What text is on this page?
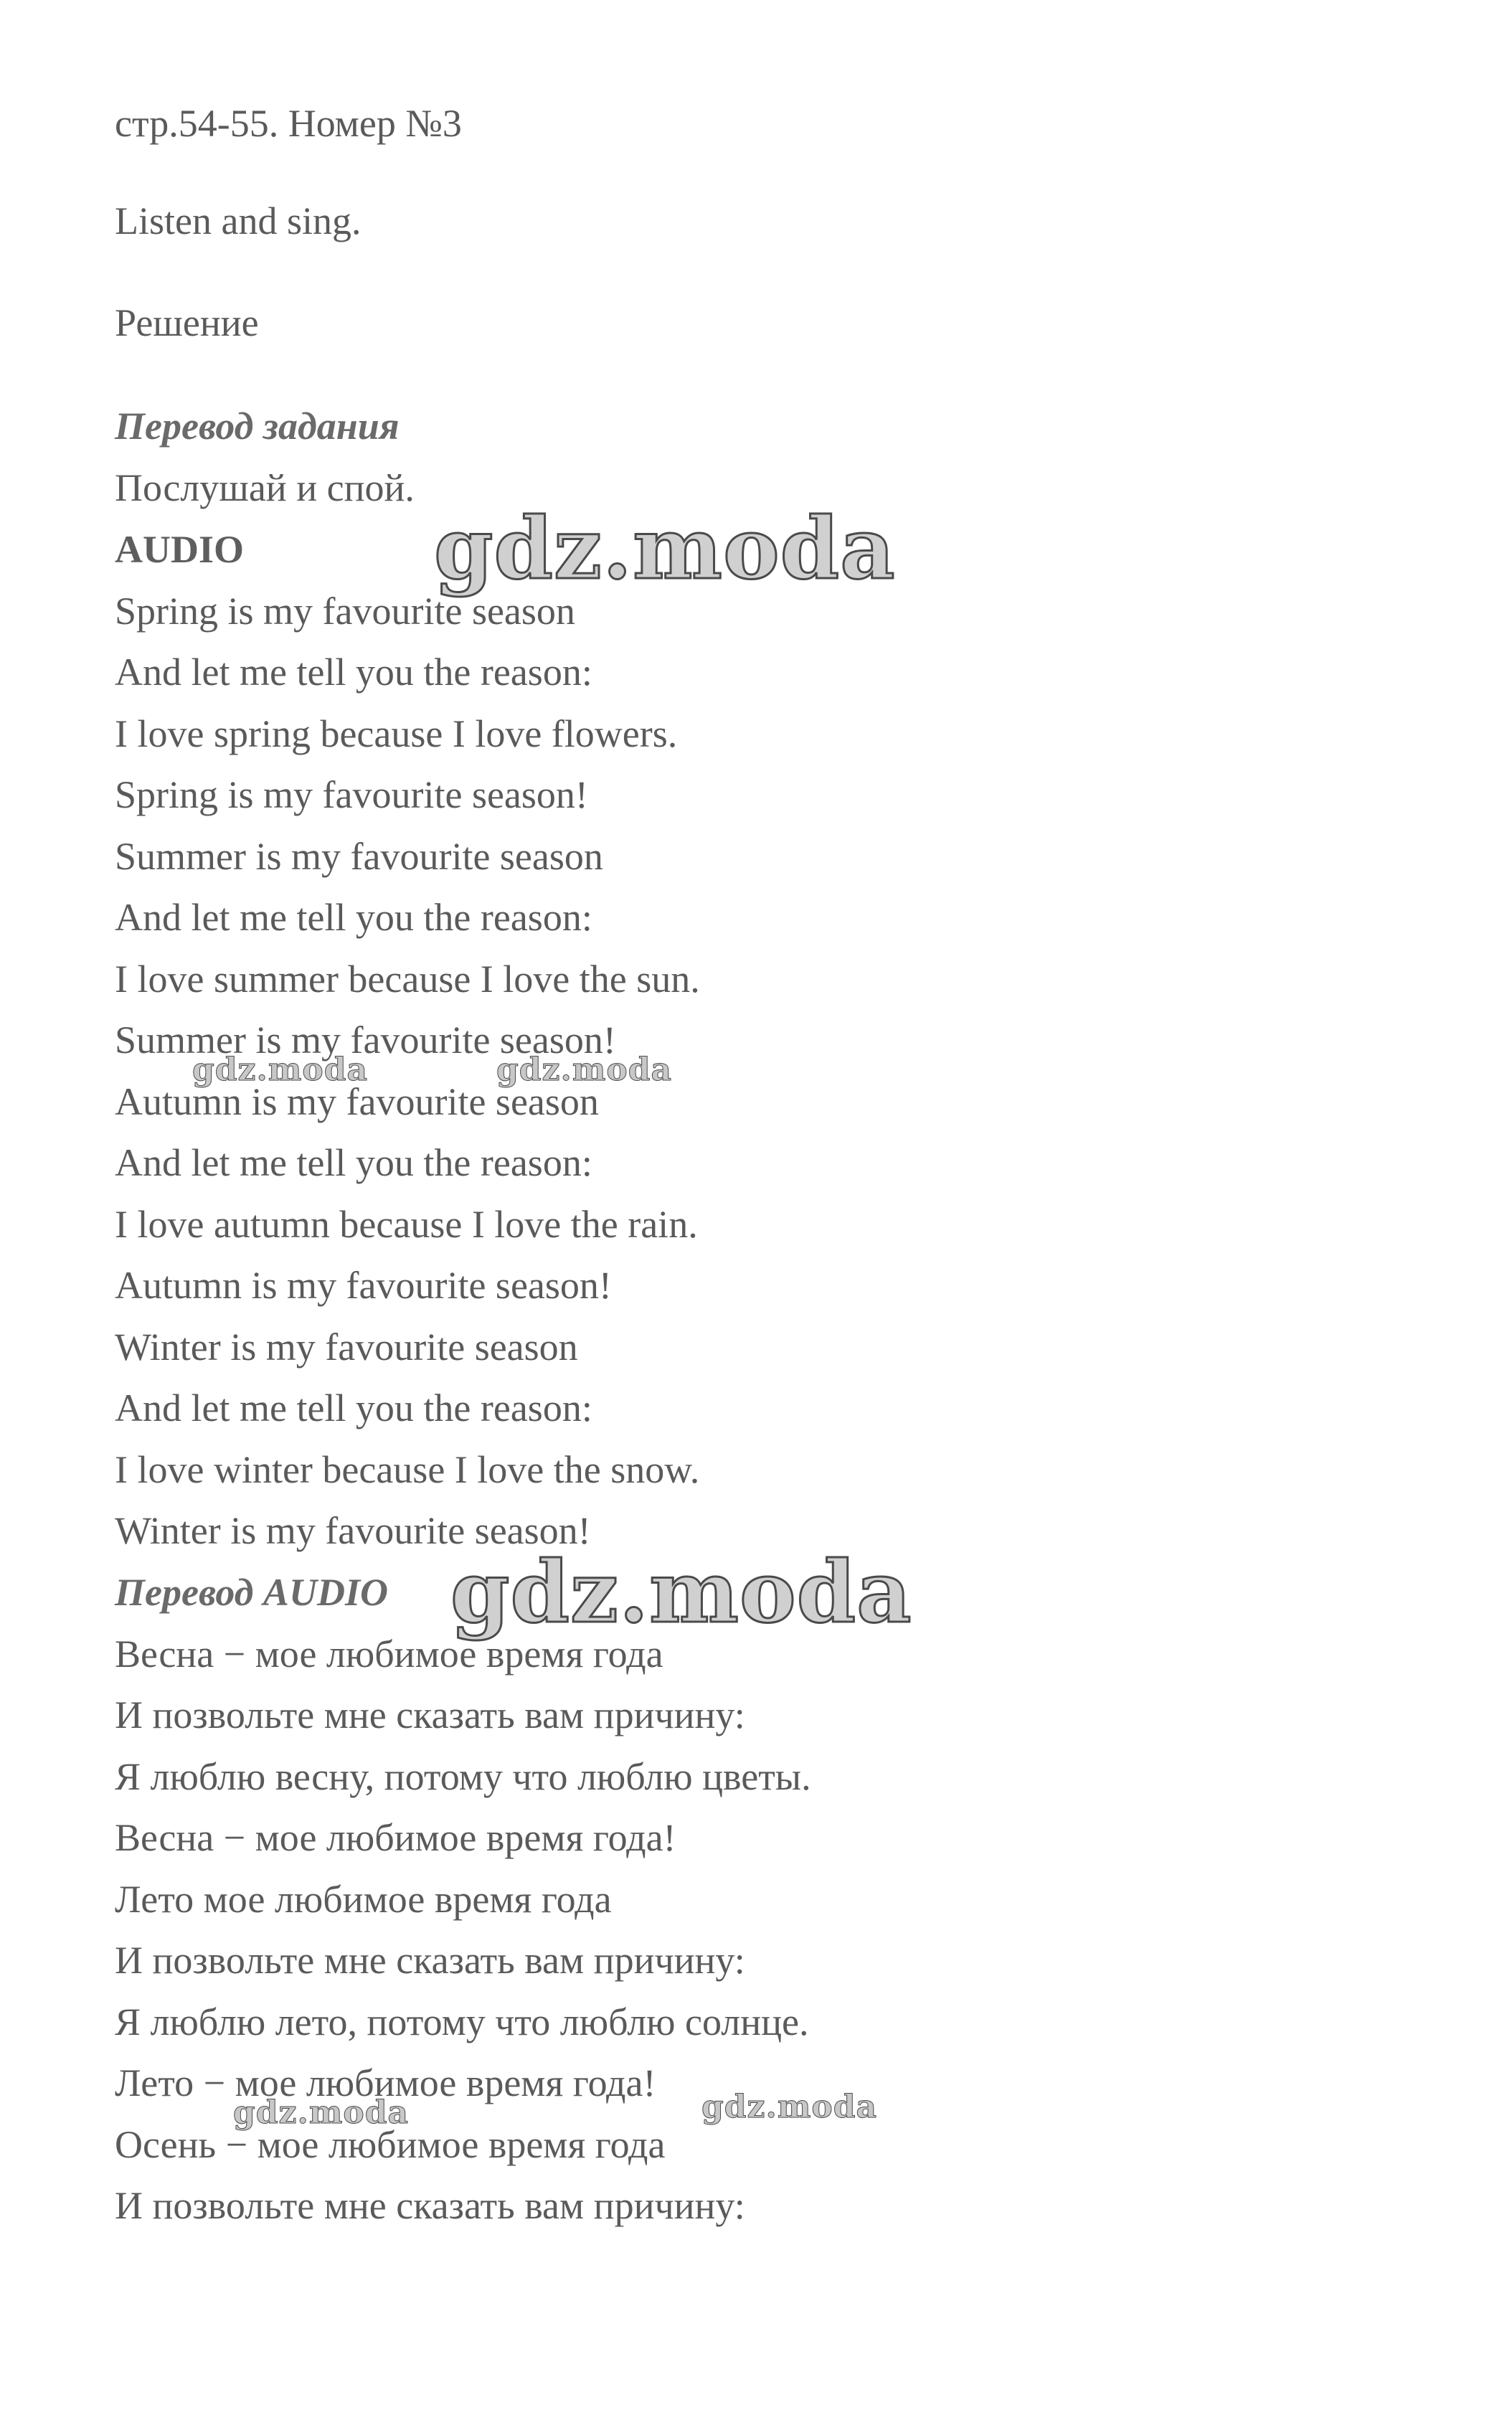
стр.54-55. Номер №3
Listen and sing.
Решение
Перевод задания
Послушай и спой.
AUDIO
Spring is my favourite season
And let me tell you the reason:
I love spring because I love flowers.
Spring is my favourite season!
Summer is my favourite season
And let me tell you the reason:
I love summer because I love the sun.
Summer is my favourite season!
Autumn is my favourite season
And let me tell you the reason:
I love autumn because I love the rain.
Autumn is my favourite season!
Winter is my favourite season
And let me tell you the reason:
I love winter because I love the snow.
Winter is my favourite season!
Перевод AUDIO
Весна − мое любимое время года
И позвольте мне сказать вам причину:
Я люблю весну, потому что люблю цветы.
Весна − мое любимое время года!
Лето мое любимое время года
И позвольте мне сказать вам причину:
Я люблю лето, потому что люблю солнце.
Лето − мое любимое время года!
Осень − мое любимое время года
И позвольте мне сказать вам причину:
gdz.moda
gdz.moda	gdz.moda
gdz.moda
gdz.moda	gdz.moda
